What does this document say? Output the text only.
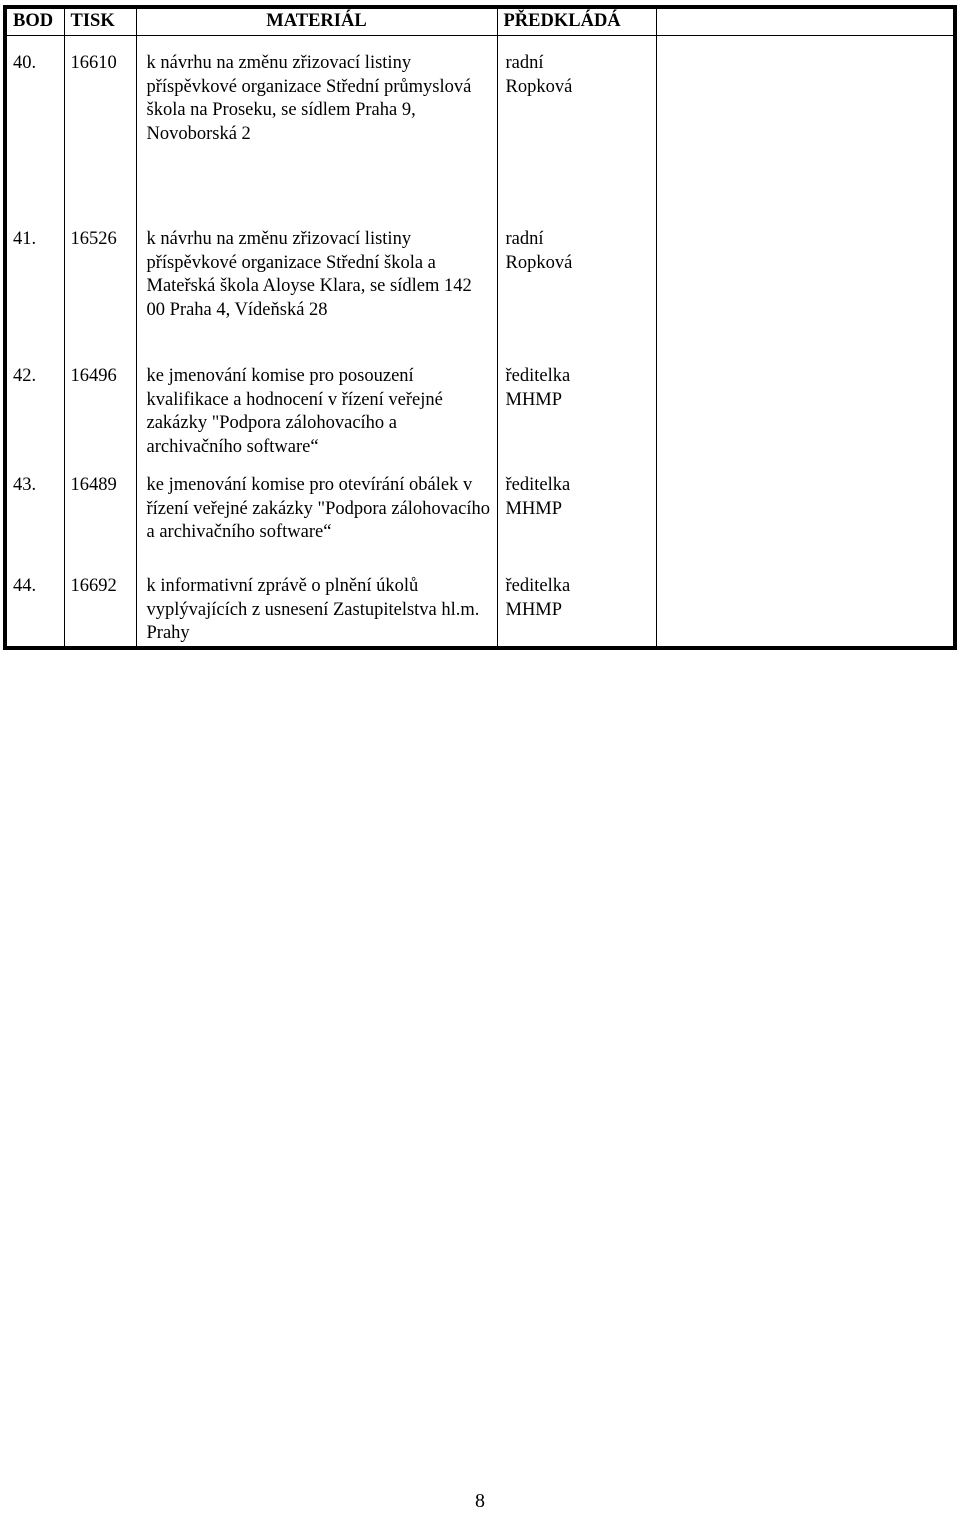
BOD	TISK	MATERIÁL	PŘEDKLÁDÁ	
40.	16610	k návrhu na změnu zřizovací listiny příspěvkové organizace Střední průmyslová škola na Proseku, se sídlem Praha 9, Novoborská 2	radní
Ropková	

41.	16526	k návrhu na změnu zřizovací listiny příspěvkové organizace Střední škola a Mateřská škola Aloyse Klara, se sídlem 142 00 Praha 4, Vídeňská 28	radní
Ropková	

42.	16496	ke jmenování komise pro posouzení kvalifikace a hodnocení v řízení veřejné zakázky "Podpora zálohovacího a archivačního software“	ředitelka
MHMP	

43.	16489	ke jmenování komise pro otevírání obálek v řízení veřejné zakázky "Podpora zálohovacího a archivačního software“	ředitelka
MHMP	

44.	16692	k informativní zprávě o plnění úkolů vyplývajících z usnesení Zastupitelstva hl.m. Prahy	ředitelka
MHMP	

8
